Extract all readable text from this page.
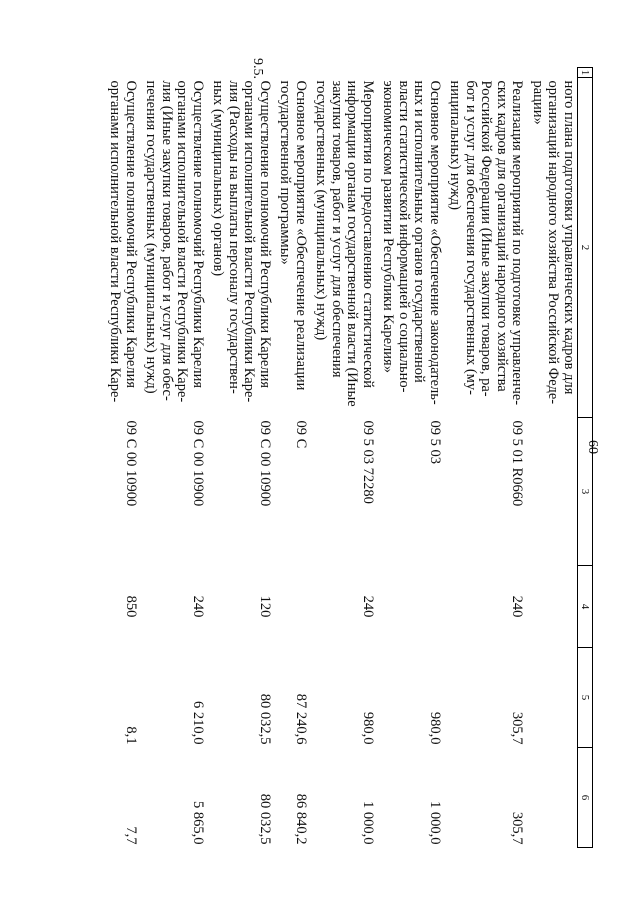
60
9.5.	1	2	3	4	5	6
	ного плана подготовки управленческих кадров для организаций народного хозяйства Российской Феде-рации»				
	Реализация мероприятий по подготовке управленче-ских кадров для организаций народного хозяйства Российской Федерации (Иные закупки товаров, ра-бот и услуг для обеспечения государственных (му-ниципальных) нужд)	09 5 01 R0660	240	305,7	305,7
	Основное мероприятие «Обеспечение законодатель-ных и исполнительных органов государственной власти статистической информацией о социально-экономическом развитии Республики Карелия»	09 5 03		980,0	1 000,0
	Мероприятия по предоставлению статистической информации органам государственной власти (Иные закупки товаров, работ и услуг для обеспечения государственных (муниципальных) нужд)	09 5 03 72280	240	980,0	1 000,0
	Основное мероприятие «Обеспечение реализации государственной программы»	09 С		87 240,6	86 840,2
	Осуществление полномочий Республики Карелия органами исполнительной власти Республики Каре-лия (Расходы на выплаты персоналу государствен-ных (муниципальных) органов)	09 С 00 10900	120	80 032,5	80 032,5
	Осуществление полномочий Республики Карелия органами исполнительной власти Республики Каре-лия (Иные закупки товаров, работ и услуг для обес-печения государственных (муниципальных) нужд)	09 С 00 10900	240	6 210,0	5 865,0
	Осуществление полномочий Республики Карелия органами исполнительной власти Республики Каре-	09 С 00 10900	850	8,1	7,7
